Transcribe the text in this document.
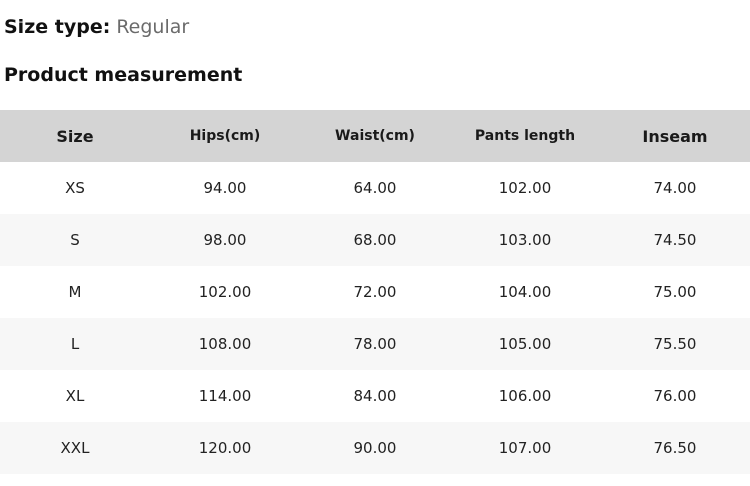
Size type: Regular
Product measurement
Size	Hips(cm)	Waist(cm)	Pants length	Inseam
XS	94.00	64.00	102.00	74.00
S	98.00	68.00	103.00	74.50
M	102.00	72.00	104.00	75.00
L	108.00	78.00	105.00	75.50
XL	114.00	84.00	106.00	76.00
XXL	120.00	90.00	107.00	76.50
